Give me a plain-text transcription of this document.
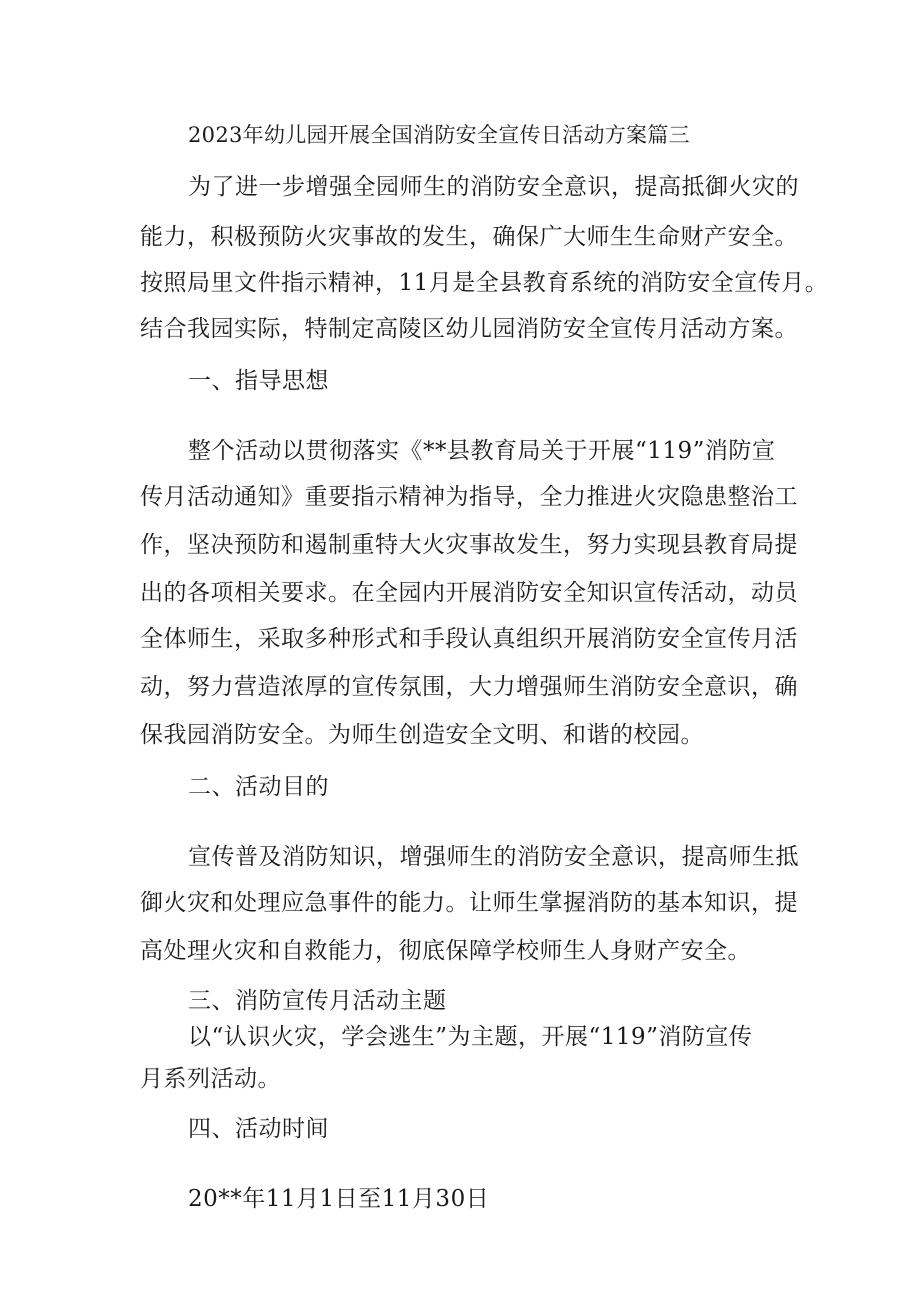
2023年幼儿园开展全国消防安全宣传日活动方案篇三
为了进一步增强全园师生的消防安全意识，提高抵御火灾的
能力，积极预防火灾事故的发生，确保广大师生生命财产安全。
按照局里文件指示精神，11月是全县教育系统的消防安全宣传月。
结合我园实际，特制定高陵区幼儿园消防安全宣传月活动方案。
一、指导思想
整个活动以贯彻落实《**县教育局关于开展“119”消防宣
传月活动通知》重要指示精神为指导，全力推进火灾隐患整治工
作，坚决预防和遏制重特大火灾事故发生，努力实现县教育局提
出的各项相关要求。在全园内开展消防安全知识宣传活动，动员
全体师生，采取多种形式和手段认真组织开展消防安全宣传月活
动，努力营造浓厚的宣传氛围，大力增强师生消防安全意识，确
保我园消防安全。为师生创造安全文明、和谐的校园。
二、活动目的
宣传普及消防知识，增强师生的消防安全意识，提高师生抵
御火灾和处理应急事件的能力。让师生掌握消防的基本知识，提
高处理火灾和自救能力，彻底保障学校师生人身财产安全。
三、消防宣传月活动主题
以“认识火灾，学会逃生”为主题，开展“119”消防宣传
月系列活动。
四、活动时间
20**年11月1日至11月30日
